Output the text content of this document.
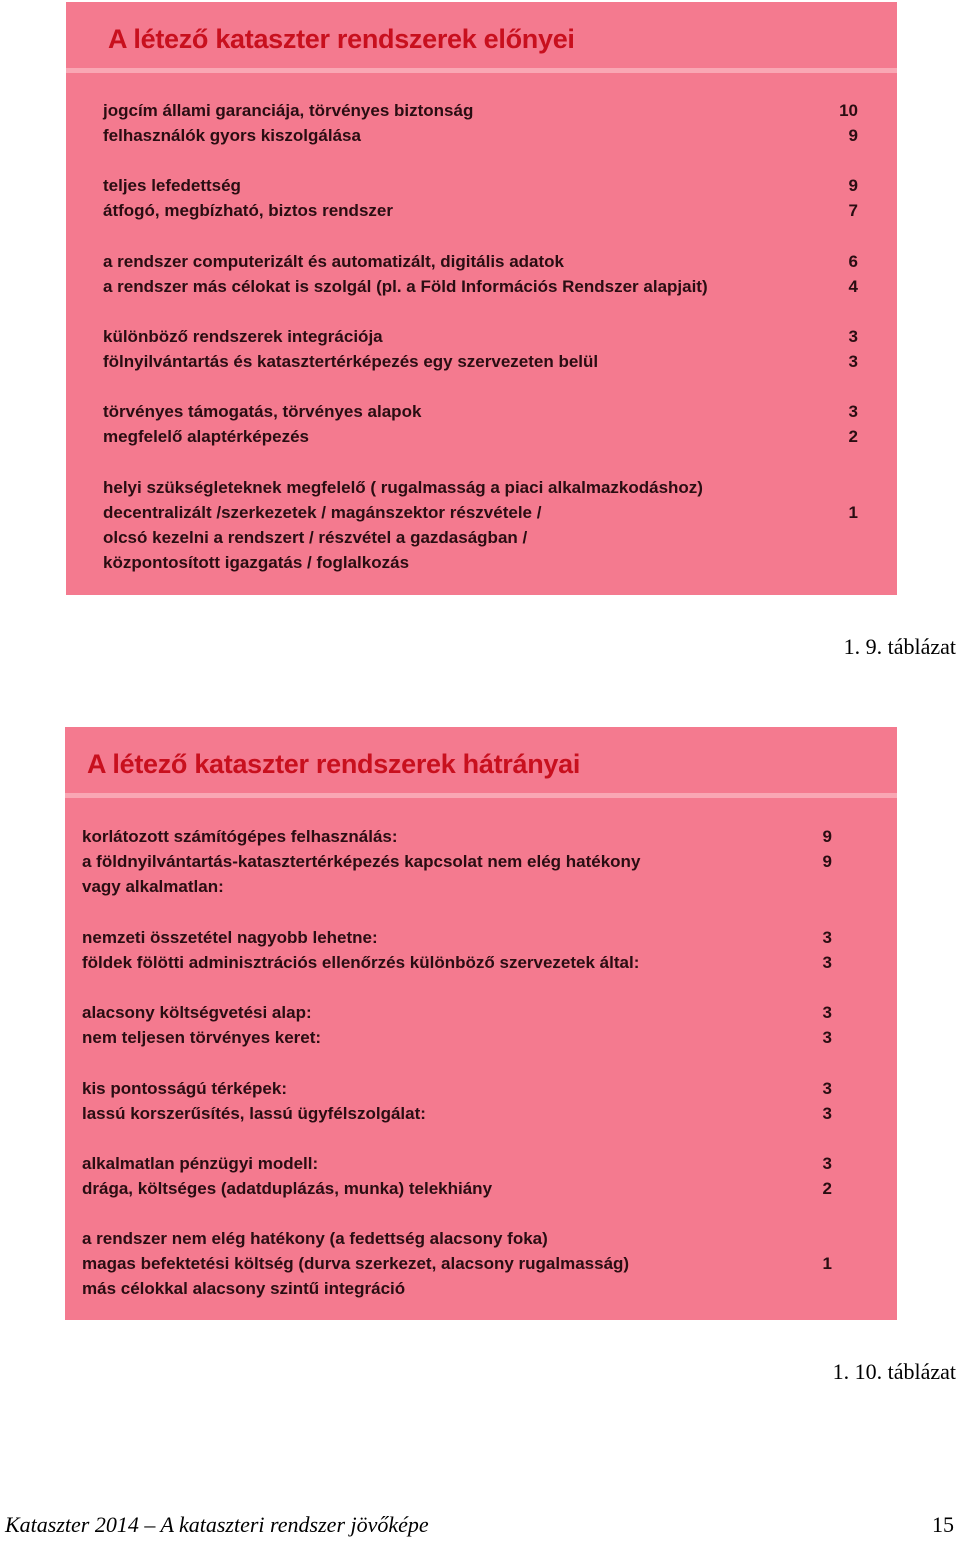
A létező kataszter rendszerek előnyei
jogcím állami garanciája, törvényes biztonság	10
felhasználók gyors kiszolgálása	9
teljes lefedettség	9
átfogó, megbízható, biztos rendszer	7
a rendszer computerizált és automatizált, digitális adatok	6
a rendszer más célokat is szolgál (pl. a Föld Információs Rendszer alapjait)	4
különböző rendszerek integrációja	3
fölnyilvántartás és katasztertérképezés egy szervezeten belül	3
törvényes támogatás, törvényes alapok	3
megfelelő alaptérképezés	2
helyi szükségleteknek megfelelő ( rugalmasság a piaci alkalmazkodáshoz)
decentralizált /szerkezetek / magánszektor részvétele /	1
olcsó kezelni a rendszert / részvétel a gazdaságban /
központosított igazgatás / foglalkozás
1. 9. táblázat
A létező kataszter rendszerek hátrányai
korlátozott számítógépes felhasználás:	9
a földnyilvántartás-katasztertérképezés kapcsolat nem elég hatékony	9
vagy alkalmatlan:
nemzeti összetétel nagyobb lehetne:	3
földek fölötti adminisztrációs ellenőrzés különböző szervezetek által:	3
alacsony költségvetési alap:	3
nem teljesen törvényes keret:	3
kis pontosságú térképek:	3
lassú korszerűsítés, lassú ügyfélszolgálat:	3
alkalmatlan pénzügyi modell:	3
drága, költséges (adatduplázás, munka) telekhiány	2
a rendszer nem elég hatékony (a fedettség alacsony foka)
magas befektetési költség (durva szerkezet, alacsony rugalmasság)	1
más célokkal alacsony szintű integráció
1. 10. táblázat
Kataszter 2014 – A kataszteri rendszer jövőképe	15
